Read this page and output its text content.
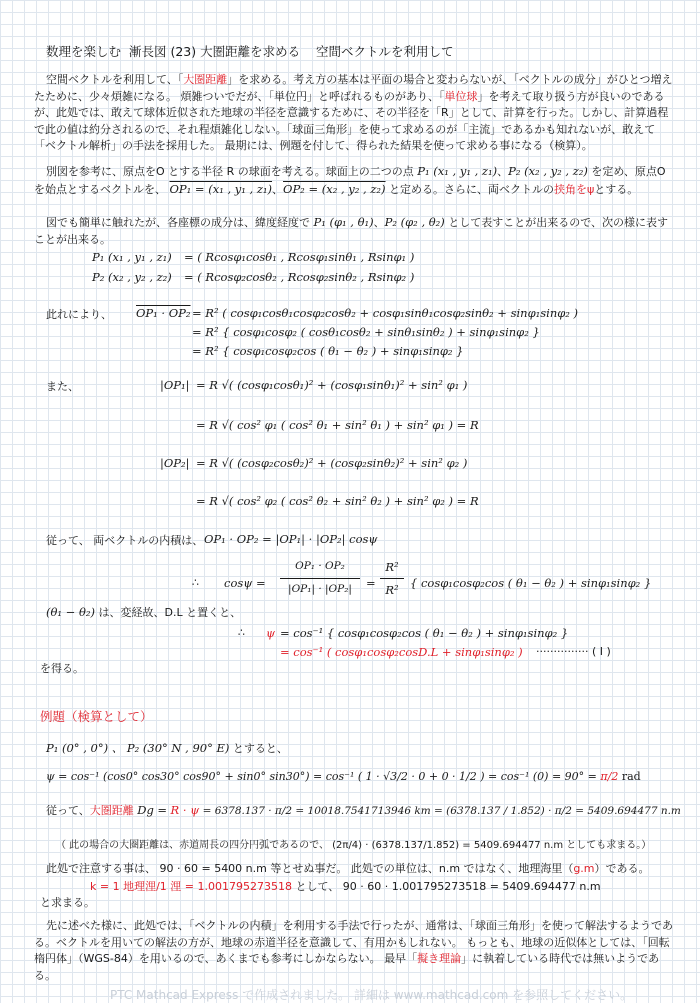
数理を楽しむ 漸長図 (23) 大圏距離を求める 空間ベクトルを利用して
空間ベクトルを利用して、「大圏距離」を求める。考え方の基本は平面の場合と変わらないが、「ベクトルの成分」がひとつ増えたために、少々煩雑になる。 煩雑ついでだが、「単位円」と呼ばれるものがあり、「単位球」を考えて取り扱う方が良いのであるが、此処では、敢えて球体近似された地球の半径を意識するために、その半径を「R」として、計算を行った。しかし、計算過程で此の値は約分されるので、それ程煩雑化しない。「球面三角形」を使って求めるのが「主流」であるかも知れないが、敢えて「ベクトル解析」の手法を採用した。 最期には、例題を付して、得られた結果を使って求める事になる（検算）。
別図を参考に、原点をO とする半径 R の球面を考える。球面上の二つの点 P₁ (x₁ , y₁ , z₁)、P₂ (x₂ , y₂ , z₂) を定め、原点O を始点とするベクトルを、 OP₁ = (x₁ , y₁ , z₁)、OP₂ = (x₂ , y₂ , z₂) と定める。さらに、両ベクトルの挟角をψとする。
図でも簡単に触れたが、各座標の成分は、緯度経度で P₁ (φ₁ , θ₁)、P₂ (φ₂ , θ₂) として表すことが出来るので、次の様に表すことが出来る。
P₁ (x₁ , y₁ , z₁) = ( Rcosφ₁cosθ₁ , Rcosφ₁sinθ₁ , Rsinφ₁ )
P₂ (x₂ , y₂ , z₂) = ( Rcosφ₂cosθ₂ , Rcosφ₂sinθ₂ , Rsinφ₂ )
此れにより、 OP₁ · OP₂ = R² ( cosφ₁cosθ₁cosφ₂cosθ₂ + cosφ₁sinθ₁cosφ₂sinθ₂ + sinφ₁sinφ₂ )
= R² { cosφ₁cosφ₂ ( cosθ₁cosθ₂ + sinθ₁sinθ₂ ) + sinφ₁sinφ₂ }
= R² { cosφ₁cosφ₂cos ( θ₁ − θ₂ ) + sinφ₁sinφ₂ }
また、	|OP₁| = R √( (cosφ₁cosθ₁)² + (cosφ₁sinθ₁)² + sin² φ₁ )
= R √( cos² φ₁ ( cos² θ₁ + sin² θ₁ ) + sin² φ₁ ) = R
|OP₂| = R √( (cosφ₂cosθ₂)² + (cosφ₂sinθ₂)² + sin² φ₂ )
= R √( cos² φ₂ ( cos² θ₂ + sin² θ₂ ) + sin² φ₂ ) = R
従って、 両ベクトルの内積は、 OP₁ · OP₂ = |OP₁| · |OP₂| cosψ
∴ cosψ =
OP₁ · OP₂
|OP₁| · |OP₂|	=
R²
R² { cosφ₁cosφ₂cos ( θ₁ − θ₂ ) + sinφ₁sinφ₂ }
(θ₁ − θ₂) は、変経故、D.L と置くと、
∴ ψ = cos⁻¹ { cosφ₁cosφ₂cos ( θ₁ − θ₂ ) + sinφ₁sinφ₂ }
= cos⁻¹ ( cosφ₁cosφ₂cosD.L + sinφ₁sinφ₂ ) ··············· ( I )
を得る。
例題（検算として）
P₁ (0° , 0°) 、 P₂ (30° N , 90° E) とすると、
ψ = cos⁻¹ (cos0° cos30° cos90° + sin0° sin30°) = cos⁻¹ ( 1 · √3/2 · 0 + 0 · 1/2 ) = cos⁻¹ (0) = 90° = π/2 rad
従って、大圏距離 Dg = R · ψ = 6378.137 · π/2 = 10018.7541713946 km = (6378.137 / 1.852) · π/2 = 5409.694477 n.m
（ 此の場合の大圏距離は、赤道周長の四分円弧であるので、 (2π/4) · (6378.137/1.852) = 5409.694477 n.m としても求まる。）
此処で注意する事は、 90 · 60 = 5400 n.m 等とせぬ事だ。 此処での単位は、n.m ではなく、地理海里（g.m）である。
k = 1 地理浬/1 浬 = 1.001795273518 として、 90 · 60 · 1.001795273518 = 5409.694477 n.m
と求まる。
先に述べた様に、此処では、「ベクトルの内積」を利用する手法で行ったが、通常は、「球面三角形」を使って解法するようである。ベクトルを用いての解法の方が、地球の赤道半径を意識して、有用かもしれない。 もっとも、地球の近似体としては、「回転楕円体」（WGS-84）を用いるので、あくまでも参考にしかならない。 最早「擬き理論」に執着している時代では無いようである。
PTC Mathcad Express で作成されました。 詳細は www.mathcad.com を参照してください。
